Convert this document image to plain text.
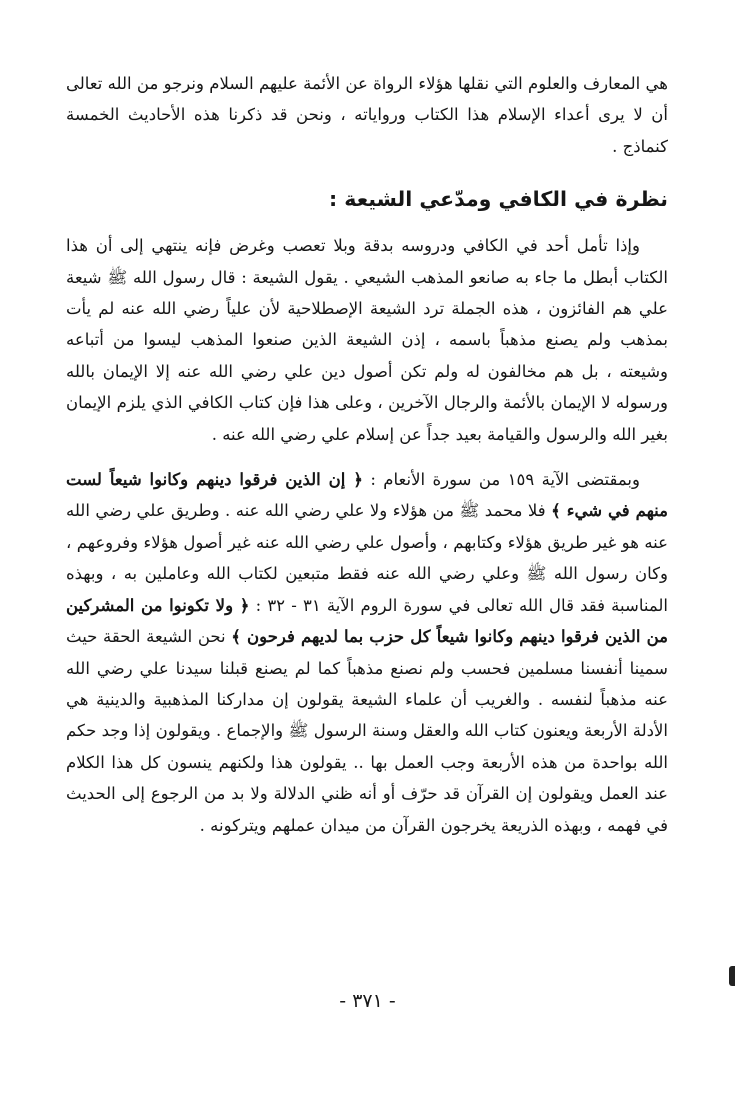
هي المعارف والعلوم التي نقلها هؤلاء الرواة عن الأئمة عليهم السلام ونرجو من الله تعالى أن لا يرى أعداء الإسلام هذا الكتاب ورواياته ، ونحن قد ذكرنا هذه الأحاديث الخمسة كنماذج .

نظرة في الكافي ومدّعي الشيعة :

وإذا تأمل أحد في الكافي ودروسه بدقة وبلا تعصب وغرض فإنه ينتهي إلى أن هذا الكتاب أبطل ما جاء به صانعو المذهب الشيعي . يقول الشيعة : قال رسول الله ﷺ شيعة علي هم الفائزون ، هذه الجملة ترد الشيعة الإصطلاحية لأن علياً رضي الله عنه لم يأت بمذهب ولم يصنع مذهباً باسمه ، إذن الشيعة الذين صنعوا المذهب ليسوا من أتباعه وشيعته ، بل هم مخالفون له ولم تكن أصول دين علي رضي الله عنه إلا الإيمان بالله ورسوله لا الإيمان بالأئمة والرجال الآخرين ، وعلى هذا فإن كتاب الكافي الذي يلزم الإيمان بغير الله والرسول والقيامة بعيد جداً عن إسلام علي رضي الله عنه .

وبمقتضى الآية ١٥٩ من سورة الأنعام : ﴿ إن الذين فرقوا دينهم وكانوا شيعاً لست منهم في شيء ﴾ فلا محمد ﷺ من هؤلاء ولا علي رضي الله عنه . وطريق علي رضي الله عنه هو غير طريق هؤلاء وكتابهم ، وأصول علي رضي الله عنه غير أصول هؤلاء وفروعهم ، وكان رسول الله ﷺ وعلي رضي الله عنه فقط متبعين لكتاب الله وعاملين به ، وبهذه المناسبة فقد قال الله تعالى في سورة الروم الآية ٣١ - ٣٢ : ﴿ ولا تكونوا من المشركين من الذين فرقوا دينهم وكانوا شيعاً كل حزب بما لديهم فرحون ﴾ نحن الشيعة الحقة حيث سمينا أنفسنا مسلمين فحسب ولم نصنع مذهباً كما لم يصنع قبلنا سيدنا علي رضي الله عنه مذهباً لنفسه . والغريب أن علماء الشيعة يقولون إن مداركنا المذهبية والدينية هي الأدلة الأربعة ويعنون كتاب الله والعقل وسنة الرسول ﷺ والإجماع . ويقولون إذا وجد حكم الله بواحدة من هذه الأربعة وجب العمل بها .. يقولون هذا ولكنهم ينسون كل هذا الكلام عند العمل ويقولون إن القرآن قد حرّف أو أنه ظني الدلالة ولا بد من الرجوع إلى الحديث في فهمه ، وبهذه الذريعة يخرجون القرآن من ميدان عملهم ويتركونه .

- ٣٧١ -
